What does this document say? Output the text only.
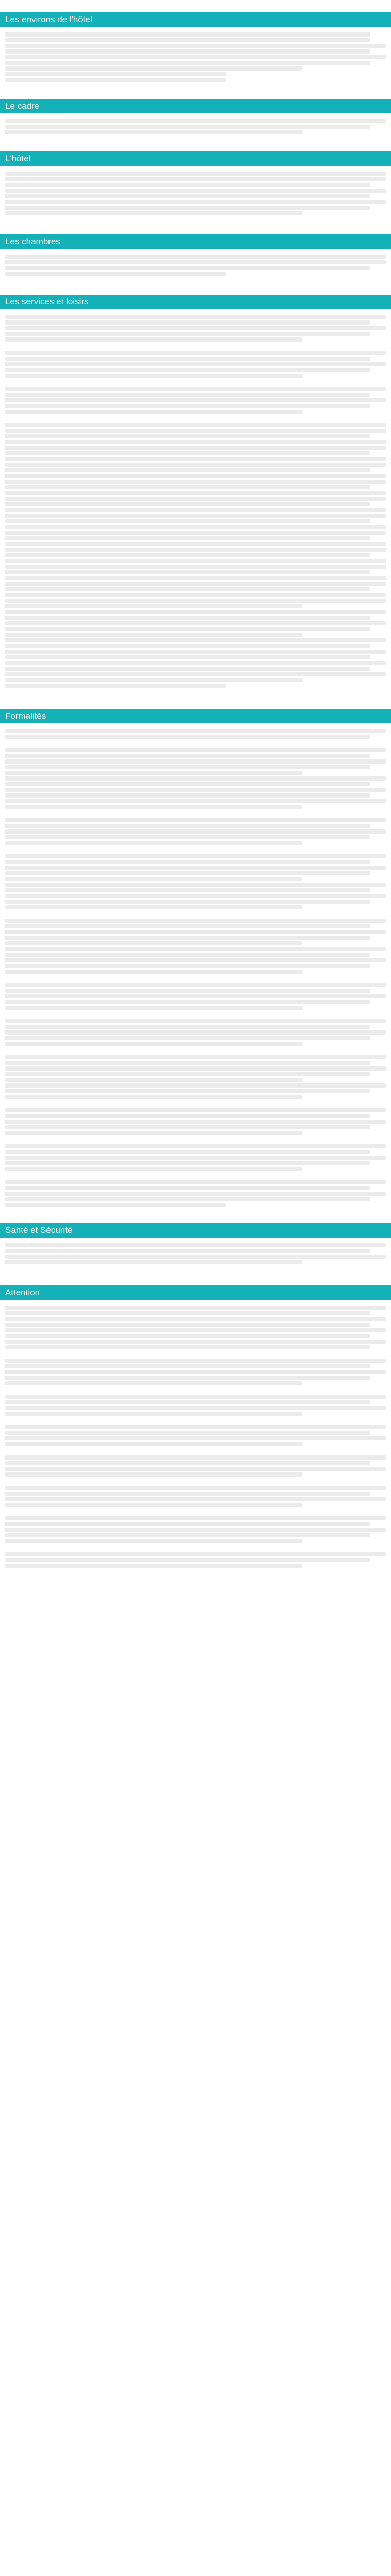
Les environs de l'hôtel
Le cadre
L'hôtel
Les chambres
Les services et loisirs
Formalités
Santé et Sécurité
Attention
